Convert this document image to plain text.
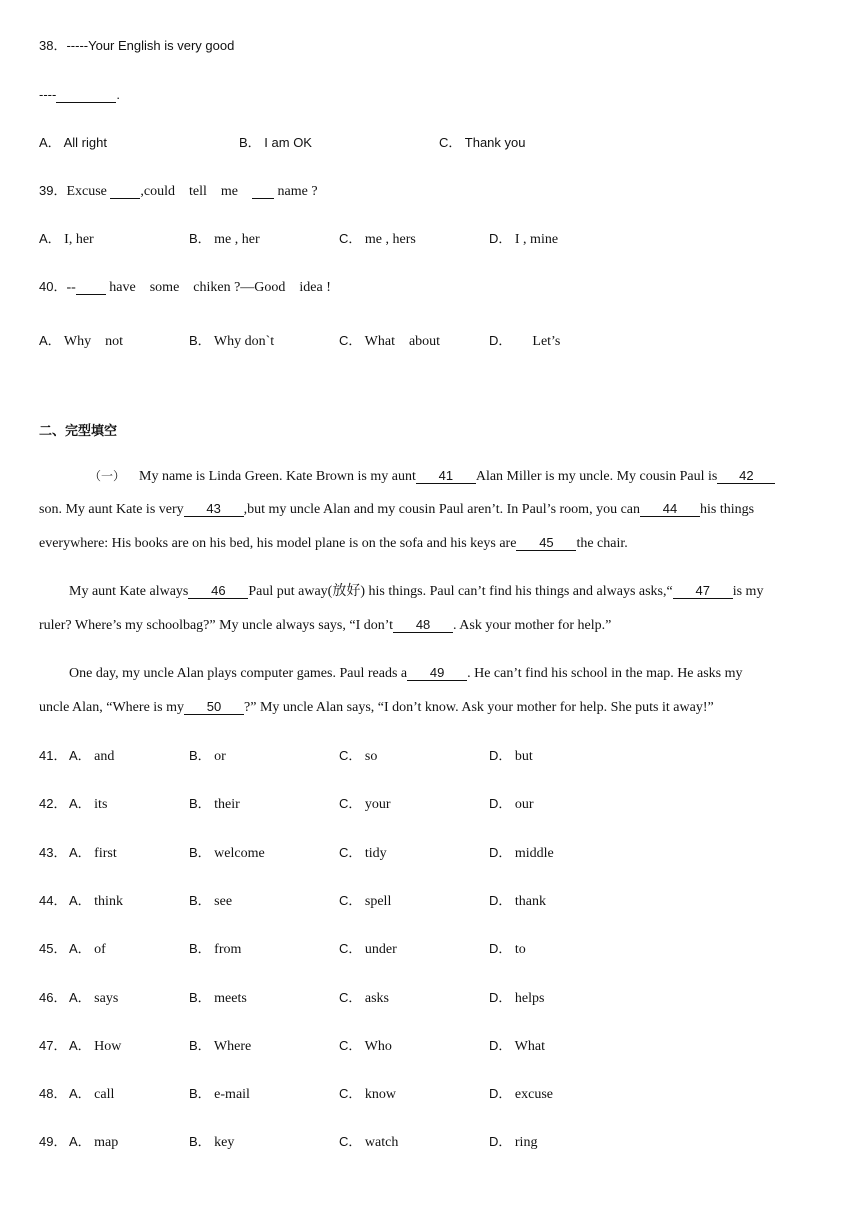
38．-----Your English is very good
----	.
A． All right	B． I am OK	C． Thank you
39．Excuse  ,could    tell    me      name ?
A． I, her	B． me , her	C． me , hers	D． I , mine
40．--  have    some    chiken ?—Good    idea !
A． Why    not	B． Why don`t	C． What    about	D．      Let’s
二、完型填空
（一） My name is Linda Green. Kate Brown is my aunt 41 Alan Miller is my uncle. My cousin Paul is 42
son. My aunt Kate is very 43 ,but my uncle Alan and my cousin Paul aren’t. In Paul’s room, you can 44 his things
everywhere: His books are on his bed, his model plane is on the sofa and his keys are 45 the chair.
My aunt Kate always 46 Paul put away(放好) his things. Paul can’t find his things and always asks,“ 47 is my
ruler? Where’s my schoolbag?” My uncle always says, “I don’t 48 . Ask your mother for help.”
One day, my uncle Alan plays computer games. Paul reads a 49 . He can’t find his school in the map. He asks my
uncle Alan, “Where is my 50 ?” My uncle Alan says, “I don’t know. Ask your mother for help. She puts it away!”
41． A． and	B． or	C． so	D． but
42． A． its	B． their	C． your	D． our
43． A． first	B． welcome	C． tidy	D． middle
44． A． think	B． see	C． spell	D． thank
45． A． of	B． from	C． under	D． to
46． A． says	B． meets	C． asks	D． helps
47． A． How	B． Where	C． Who	D． What
48． A． call	B． e-mail	C． know	D． excuse
49． A． map	B． key	C． watch	D． ring
